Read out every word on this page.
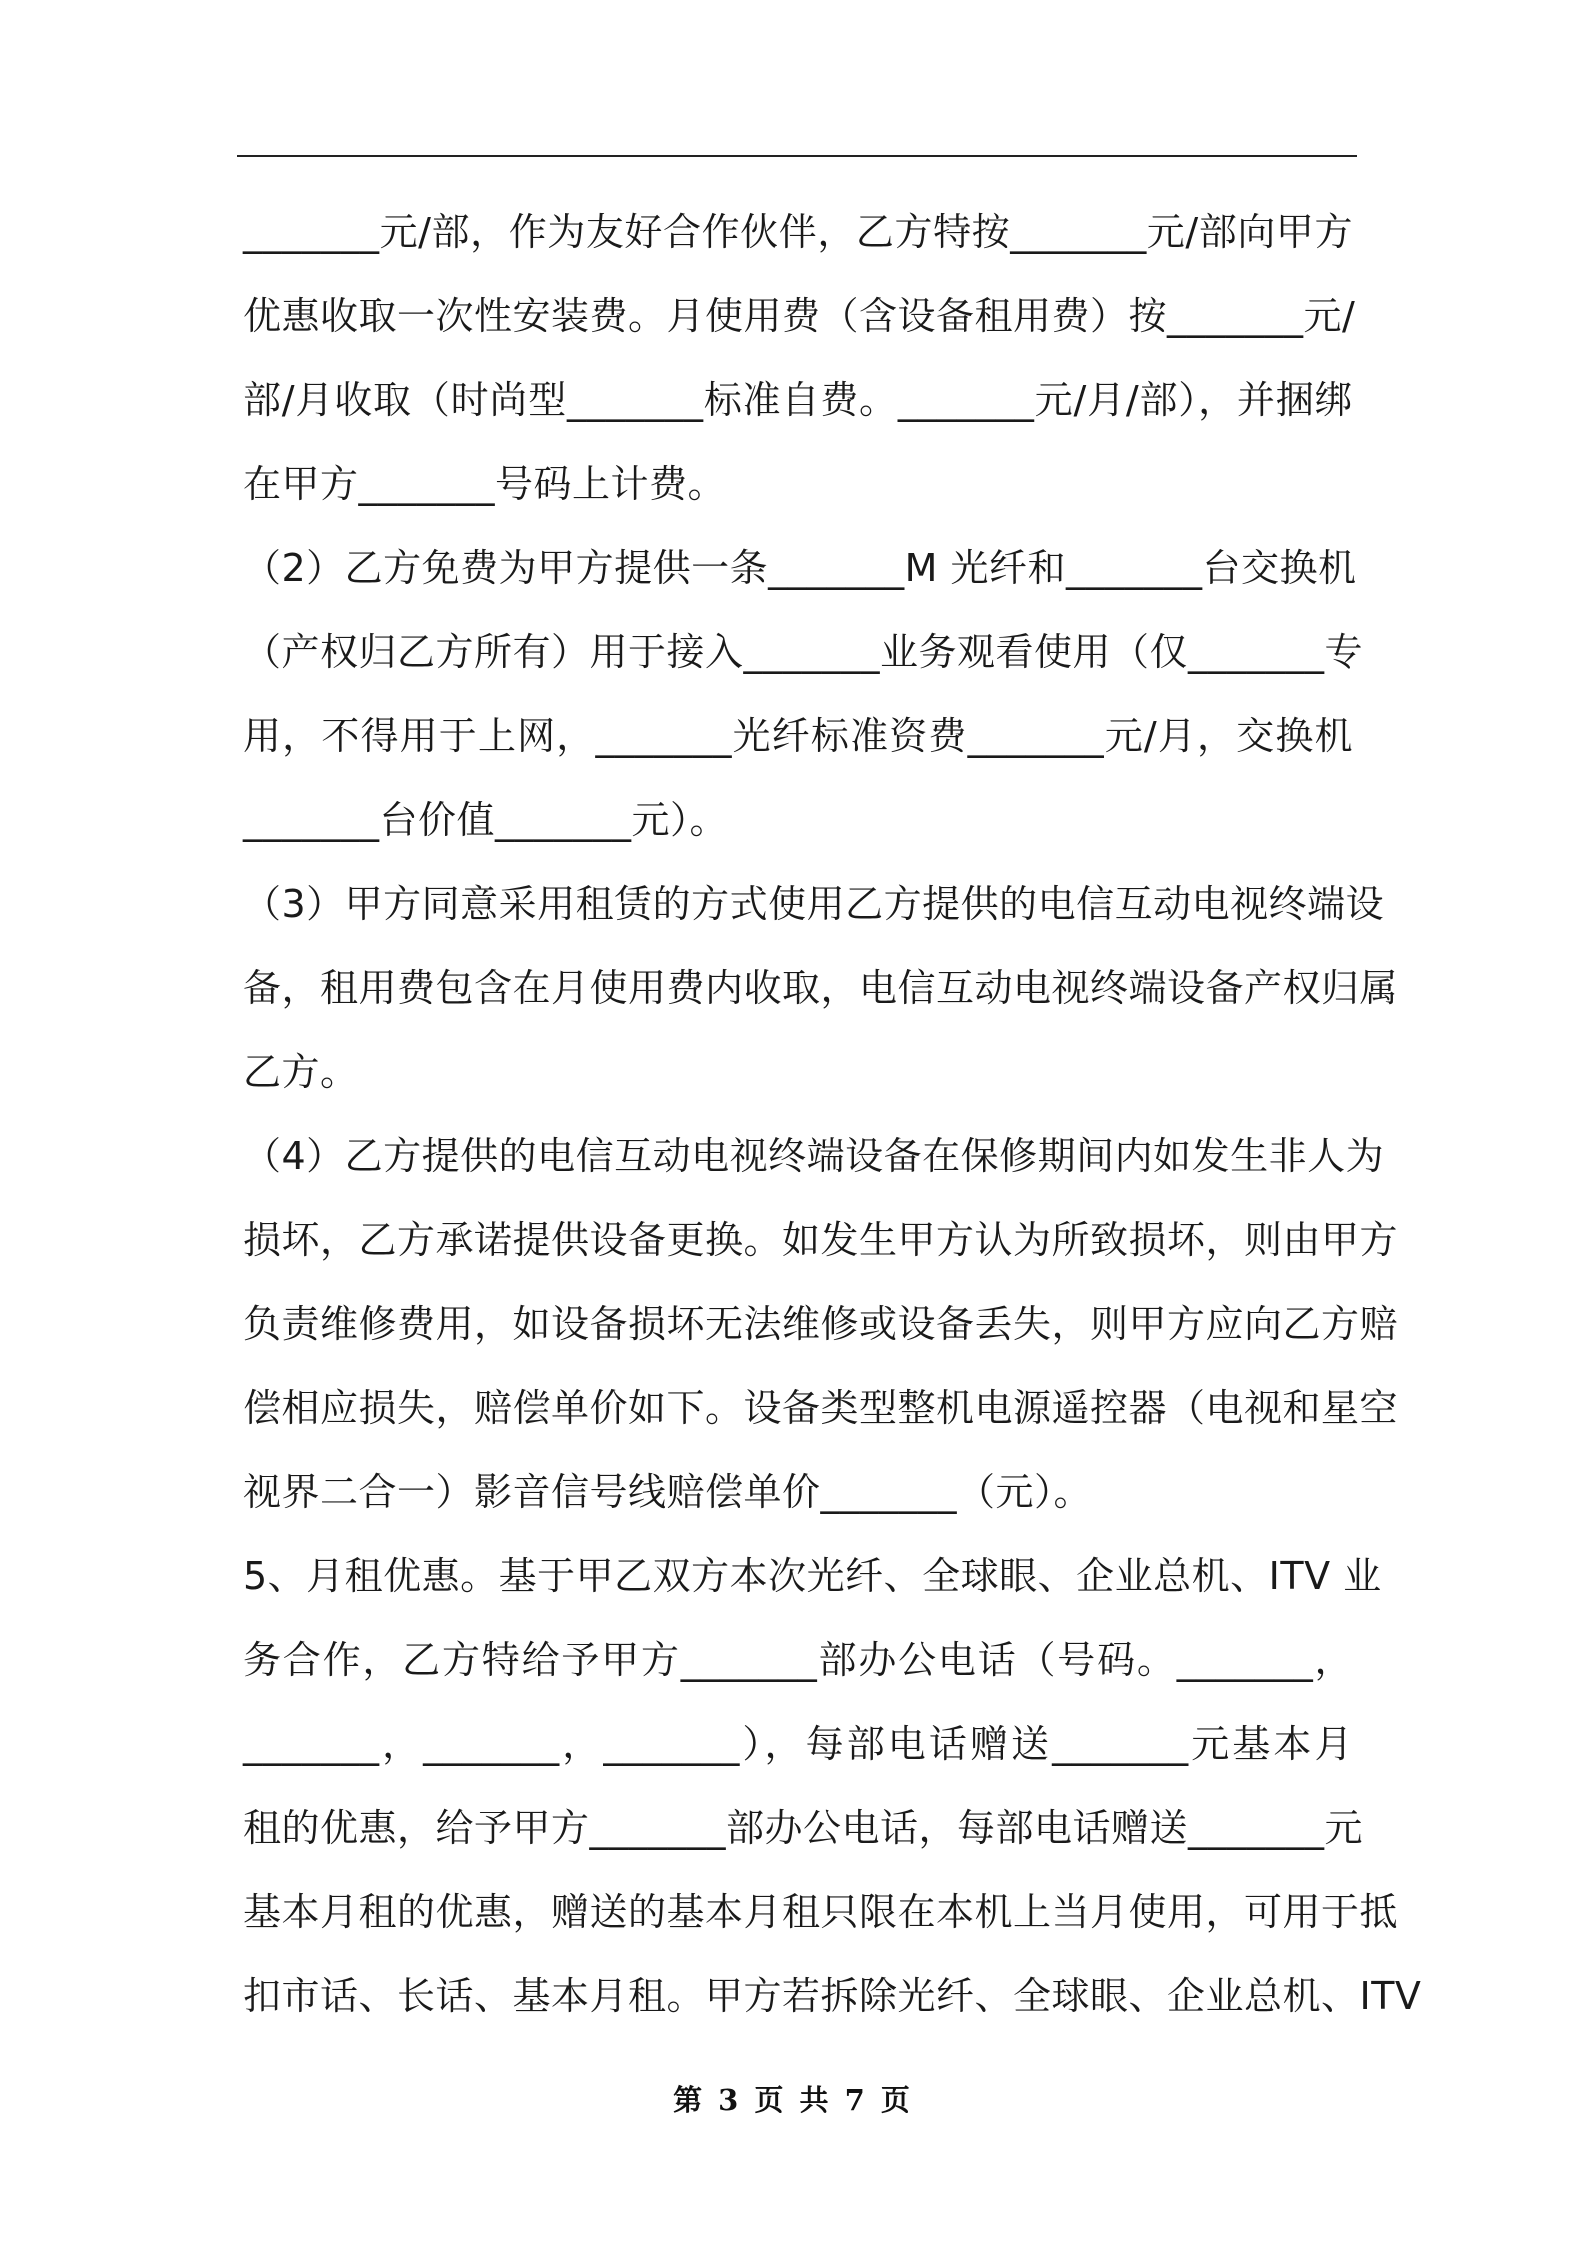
_______元/部，作为友好合作伙伴，乙方特按_______元/部向甲方
优惠收取一次性安装费。月使用费（含设备租用费）按_______元/
部/月收取（时尚型_______标准自费。_______元/月/部），并捆绑
在甲方_______号码上计费。
（2）乙方免费为甲方提供一条_______M 光纤和_______台交换机
（产权归乙方所有）用于接入_______业务观看使用（仅_______专
用，不得用于上网，_______光纤标准资费_______元/月，交换机
_______台价值_______元）。
（3）甲方同意采用租赁的方式使用乙方提供的电信互动电视终端设
备，租用费包含在月使用费内收取，电信互动电视终端设备产权归属
乙方。
（4）乙方提供的电信互动电视终端设备在保修期间内如发生非人为
损坏，乙方承诺提供设备更换。如发生甲方认为所致损坏，则由甲方
负责维修费用，如设备损坏无法维修或设备丢失，则甲方应向乙方赔
偿相应损失，赔偿单价如下。设备类型整机电源遥控器（电视和星空
视界二合一）影音信号线赔偿单价_______（元）。
5、月租优惠。基于甲乙双方本次光纤、全球眼、企业总机、ITV 业
务合作，乙方特给予甲方_______部办公电话（号码。_______，
_______，_______，_______），每部电话赠送_______元基本月
租的优惠，给予甲方_______部办公电话，每部电话赠送_______元
基本月租的优惠，赠送的基本月租只限在本机上当月使用，可用于抵
扣市话、长话、基本月租。甲方若拆除光纤、全球眼、企业总机、ITV
第 3 页 共 7 页
